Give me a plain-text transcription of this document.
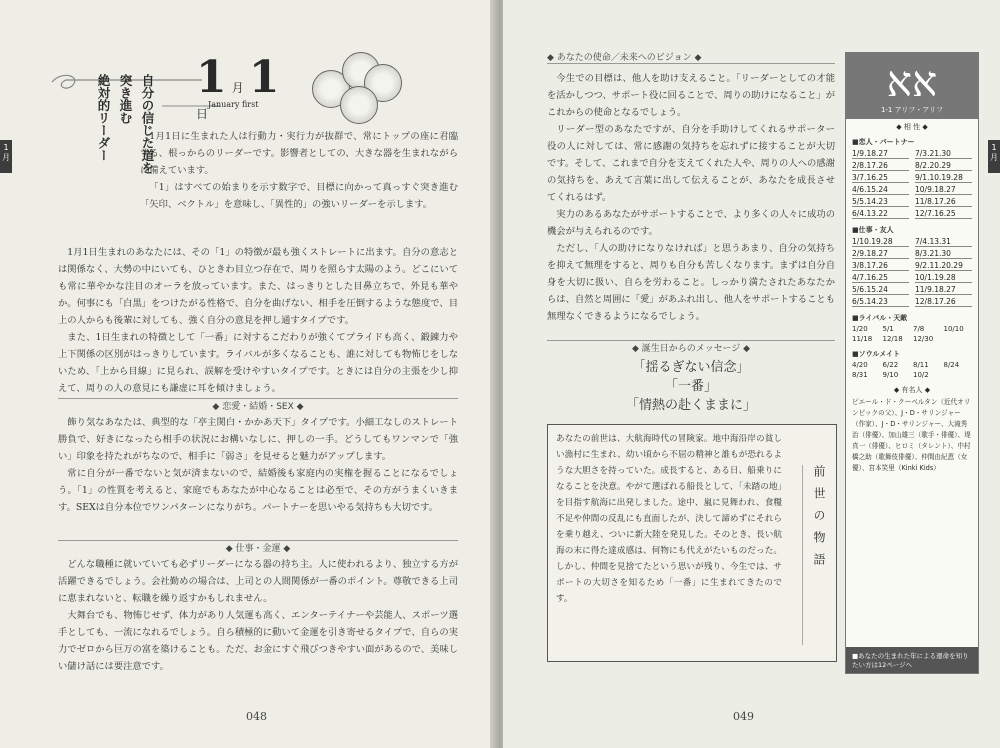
1
月
1 月 1 日
January first
自分の信じた道を
突き進む
絶対的リーダー	1月1日に生まれた人は行動力・実行力が抜群で、常にトップの座に君臨する、根っからのリーダーです。影響者としての、大きな器を生まれながらに備えています。

「1」はすべての始まりを示す数字で、目標に向かって真っすぐ突き進む「矢印、ベクトル」を意味し、「異性的」の強いリーダーを示します。

1月1日生まれのあなたには、その「1」の特徴が最も強くストレートに出ます。自分の意志とは関係なく、大勢の中にいても、ひときわ目立つ存在で、周りを照らす太陽のよう。どこにいても常に華やかな注目のオーラを放っています。また、はっきりとした目鼻立ちで、外見も華やか。何事にも「白黒」をつけたがる性格で、自分を曲げない、相手を圧倒するような態度で、目上の人からも後輩に対しても、強く自分の意見を押し通すタイプです。

また、1日生まれの特徴として「一番」に対するこだわりが強くてプライドも高く、鍛錬力や上下関係の区別がはっきりしています。ライバルが多くなることも、誰に対しても物怖じをしないため、「上から目線」に見られ、誤解を受けやすいタイプです。ときには自分の主張を少し抑えて、周りの人の意見にも謙虚に耳を傾けましょう。

◆ 恋愛・結婚・SEX ◆

飾り気なあなたは、典型的な「亭主関白・かかあ天下」タイプです。小細工なしのストレート勝負で、好きになったら相手の状況にお構いなしに、押しの一手。どうしてもワンマンで「強い」印象を持たれがちなので、相手に「弱さ」を見せると魅力がアップします。

常に自分が一番でないと気が済まないので、結婚後も家庭内の実権を握ることになるでしょう。「1」の性質を考えると、家庭でもあなたが中心なることは必至で、その方がうまくいきます。SEXは自分本位でワンパターンになりがち。パートナーを思いやる気持ちも大切です。

◆ 仕事・金運 ◆

どんな職種に就いていても必ずリーダーになる器の持ち主。人に使われるより、独立する方が活躍できるでしょう。会社勤めの場合は、上司との人間関係が一番のポイント。尊敬できる上司に恵まれないと、転職を繰り返すかもしれません。

大舞台でも、物怖じせず、体力があり人気運も高く、エンターテイナーや芸能人、スポーツ選手としても、一流になれるでしょう。自ら積極的に動いて金運を引き寄せるタイプで、自らの実力でゼロから巨万の富を築けることも。ただ、お金にすぐ飛びつきやすい面があるので、美味しい儲け話には要注意です。

048
1
月
◆ あなたの使命／未来へのビジョン ◆

今生での目標は、他人を助け支えること。「リーダーとしての才能を活かしつつ、サポート役に回ることで、周りの助けになること」がこれからの使命となるでしょう。

リーダー型のあなたですが、自分を手助けしてくれるサポーター役の人に対しては、常に感謝の気持ちを忘れずに接することが大切です。そして、これまで自分を支えてくれた人や、周りの人への感謝の気持ちを、あえて言葉に出して伝えることが、あなたを成長させてくれるはず。

実力のあるあなたがサポートすることで、より多くの人々に成功の機会が与えられるのです。

ただし、「人の助けになりなければ」と思うあまり、自分の気持ちを抑えて無理をすると、周りも自分も苦しくなります。まずは自分自身を大切に扱い、自らを労わること。しっかり満たされたあなたからは、自然と周囲に「愛」があふれ出し、他人をサポートすることも無理なくできるようになるでしょう。

◆ 誕生日からのメッセージ ◆
「揺るぎない信念」
「一番」
「情熱の赴くままに」
あなたの前世は、大航海時代の冒険家。地中海沿岸の貧しい漁村に生まれ、幼い頃から不屈の精神と誰もが恐れるような大胆さを持っていた。成長すると、ある日、船乗りになることを決意。やがて選ばれる船長として、「未踏の地」を目指す航海に出発しました。途中、嵐に見舞われ、食糧不足や仲間の反乱にも直面したが、決して諦めずにそれらを乗り越え、ついに新大陸を発見した。そのとき、長い航海の末に得た達成感は、何物にも代えがたいものだった。しかし、仲間を見捨てたという思いが残り、今生では、サポートの大切さを知るため「一番」に生まれてきたのです。
前世の物語
049
אא
1-1 アリフ・アリフ
◆ 相 性 ◆
■恋人・パートナー
1/9.18.27	7/3.21.30
2/8.17.26	8/2.20.29
3/7.16.25	9/1.10.19.28
4/6.15.24	10/9.18.27
5/5.14.23	11/8.17.26
6/4.13.22	12/7.16.25
■仕事・友人
1/10.19.28	7/4.13.31
2/9.18.27	8/3.21.30
3/8.17.26	9/2.11.20.29
4/7.16.25	10/1.19.28
5/6.15.24	11/9.18.27
6/5.14.23	12/8.17.26
■ライバル・天敵
1/20	5/1	7/8	10/10
11/18	12/18	12/30
■ソウルメイト
4/20	6/22	8/11	8/24
8/31	9/10	10/2
◆ 有名人 ◆
ピエール・ド・クーベルタン（近代オリンピックの父）、J・D・サリンジャー（作家）、J・D・サリンジャー、大滝秀治（俳優）、加山雄三（歌手・俳優）、堤真一（俳優）、ヒロミ（タレント）、中村橋之助（歌舞伎俳優）、仲間由紀恵（女優）、宮本笑里（Kinki Kids）
■あなたの生まれた年による運命を知りたい方は12ページへ
